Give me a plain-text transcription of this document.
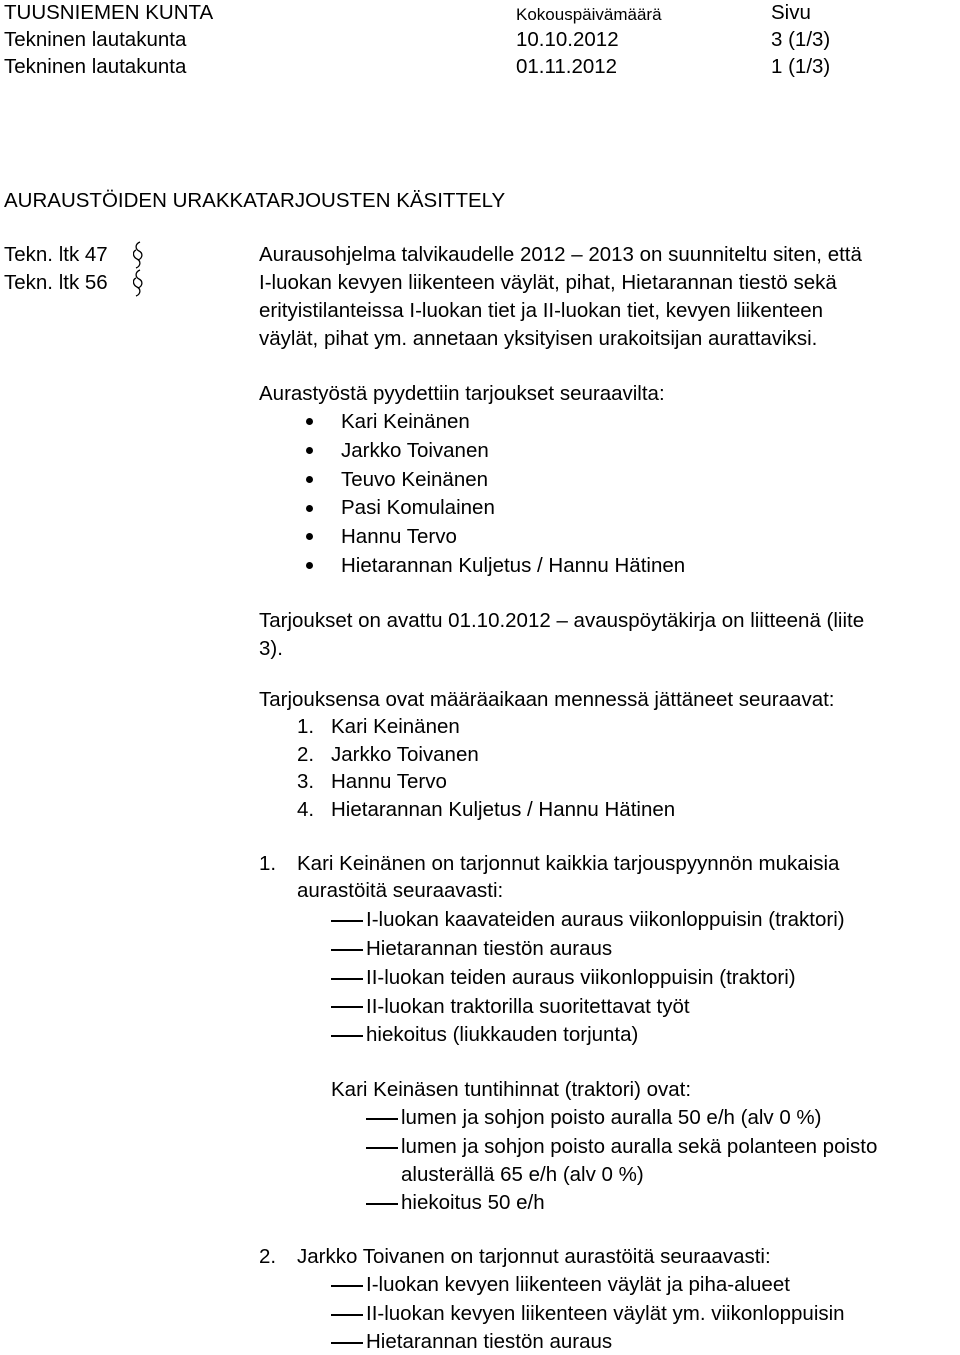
TUUSNIEMEN KUNTA	Kokouspäivämäärä	Sivu
Tekninen lautakunta	10.10.2012	3 (1/3)
Tekninen lautakunta	01.11.2012	1 (1/3)
AURAUSTÖIDEN URAKKATARJOUSTEN KÄSITTELY
Tekn. ltk 47
Tekn. ltk 56
Aurausohjelma talvikaudelle 2012 – 2013 on suunniteltu siten, että
I-luokan kevyen liikenteen väylät, pihat, Hietarannan tiestö sekä
erityistilanteissa I-luokan tiet ja II-luokan tiet, kevyen liikenteen
väylät, pihat ym. annetaan yksityisen urakoitsijan aurattaviksi.
Aurastyöstä pyydettiin tarjoukset seuraavilta:
Kari Keinänen
Jarkko Toivanen
Teuvo Keinänen
Pasi Komulainen
Hannu Tervo
Hietarannan Kuljetus / Hannu Hätinen
Tarjoukset on avattu 01.10.2012 – avauspöytäkirja on liitteenä (liite
3).
Tarjouksensa ovat määräaikaan mennessä jättäneet seuraavat:
1. Kari Keinänen
2. Jarkko Toivanen
3. Hannu Tervo
4. Hietarannan Kuljetus / Hannu Hätinen
1. Kari Keinänen on tarjonnut kaikkia tarjouspyynnön mukaisia
aurastöitä seuraavasti:
I-luokan kaavateiden auraus viikonloppuisin (traktori)
Hietarannan tiestön auraus
II-luokan teiden auraus viikonloppuisin (traktori)
II-luokan traktorilla suoritettavat työt
hiekoitus (liukkauden torjunta)
Kari Keinäsen tuntihinnat (traktori) ovat:
lumen ja sohjon poisto auralla 50 e/h (alv 0 %)
lumen ja sohjon poisto auralla sekä polanteen poisto
alusterällä 65 e/h (alv 0 %)
hiekoitus 50 e/h
2. Jarkko Toivanen on tarjonnut aurastöitä seuraavasti:
I-luokan kevyen liikenteen väylät ja piha-alueet
II-luokan kevyen liikenteen väylät ym. viikonloppuisin
Hietarannan tiestön auraus
